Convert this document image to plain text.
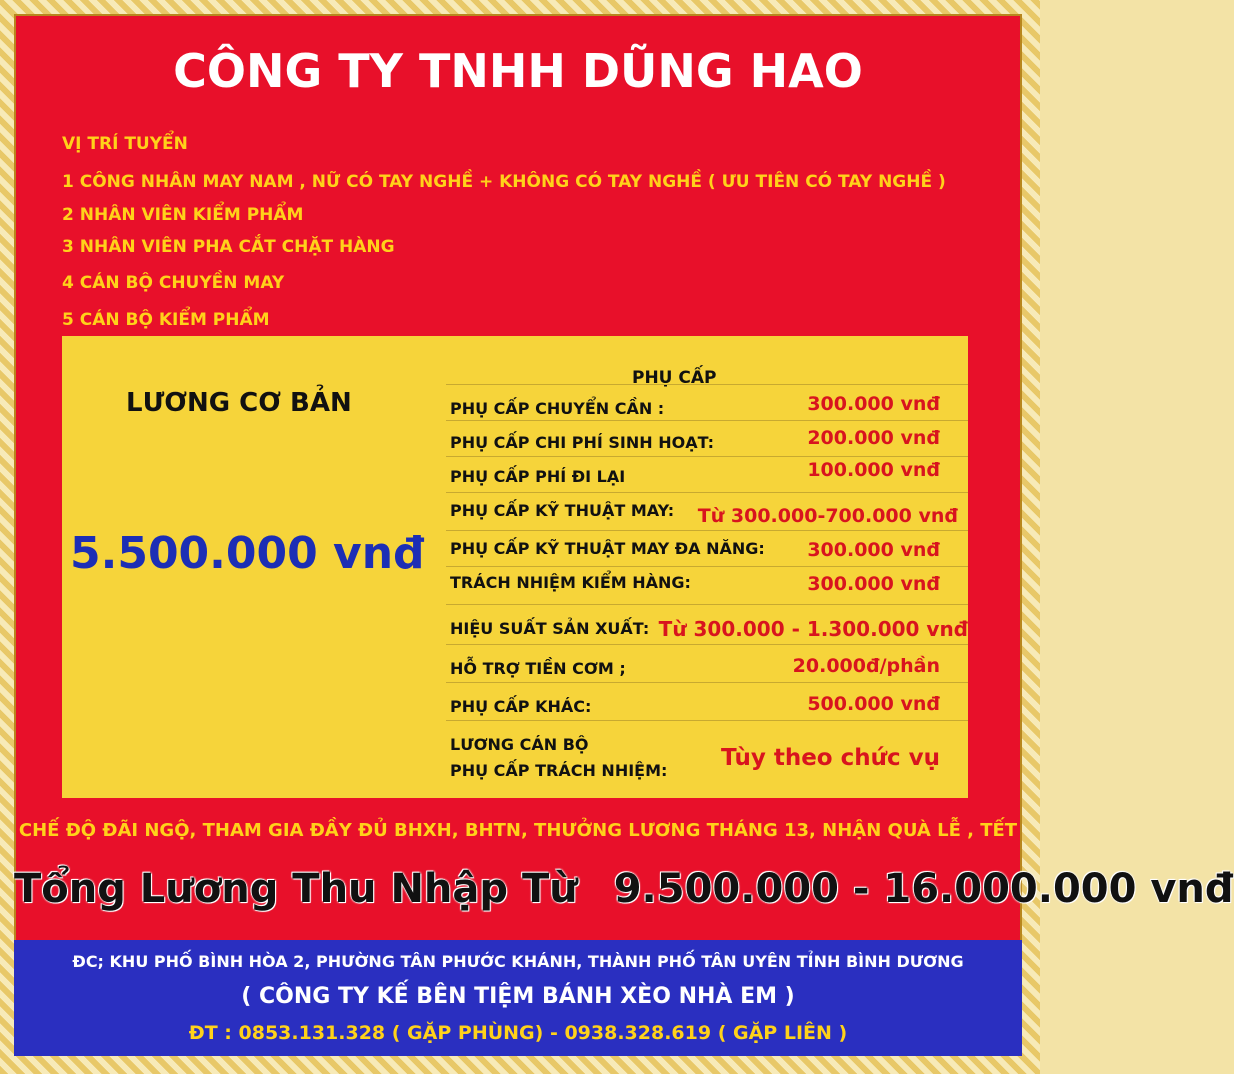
CÔNG TY TNHH DŨNG HAO
VỊ TRÍ TUYỂN
1 CÔNG NHÂN MAY NAM , NỮ CÓ TAY NGHỀ + KHÔNG CÓ TAY NGHỀ ( ƯU TIÊN CÓ TAY NGHỀ )
2 NHÂN VIÊN KIỂM PHẨM
3 NHÂN VIÊN PHA CẮT CHẶT HÀNG
4 CÁN BỘ CHUYỀN MAY
5 CÁN BỘ KIỂM PHẨM
LƯƠNG CƠ BẢN
5.500.000 vnđ
PHỤ CẤP
PHỤ CẤP CHUYỂN CẦN :	300.000 vnđ
PHỤ CẤP CHI PHÍ SINH HOẠT:	200.000 vnđ
PHỤ CẤP PHÍ ĐI LẠI	100.000 vnđ
PHỤ CẤP KỸ THUẬT MAY: Từ 300.000-700.000 vnđ
PHỤ CẤP KỸ THUẬT MAY ĐA NĂNG: 300.000 vnđ
TRÁCH NHIỆM KIỂM HÀNG:	300.000 vnđ
HIỆU SUẤT SẢN XUẤT: Từ 300.000 - 1.300.000 vnđ
HỖ TRỢ TIỀN CƠM ;	20.000đ/phần
PHỤ CẤP KHÁC:	500.000 vnđ
LƯƠNG CÁN BỘ
PHỤ CẤP TRÁCH NHIỆM: Tùy theo chức vụ
CHẾ ĐỘ ĐÃI NGỘ, THAM GIA ĐẦY ĐỦ BHXH, BHTN, THƯỞNG LƯƠNG THÁNG 13, NHẬN QUÀ LỄ , TẾT
Tổng Lương Thu Nhập Từ 9.500.000 - 16.000.000 vnđ
ĐC; KHU PHỐ BÌNH HÒA 2, PHƯỜNG TÂN PHƯỚC KHÁNH, THÀNH PHỐ TÂN UYÊN TỈNH BÌNH DƯƠNG
( CÔNG TY KẾ BÊN TIỆM BÁNH XÈO NHÀ EM )
ĐT : 0853.131.328 ( GẶP PHÙNG) - 0938.328.619 ( GẶP LIÊN )
